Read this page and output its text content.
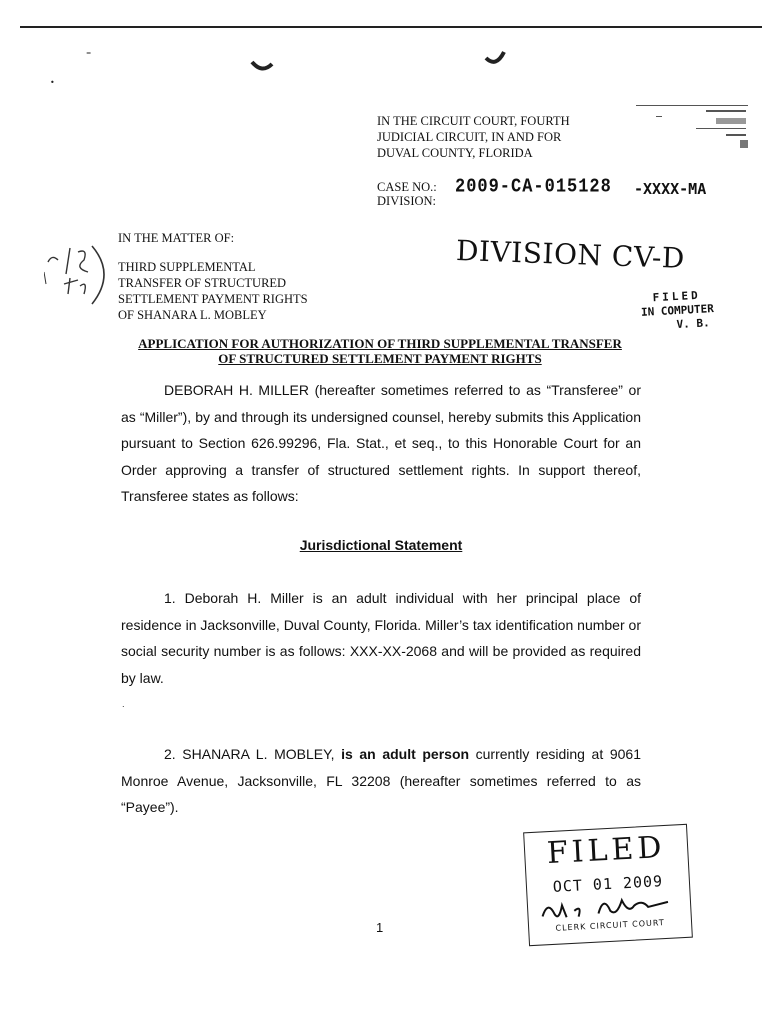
⁼
•
IN THE CIRCUIT COURT, FOURTH
JUDICIAL CIRCUIT, IN AND FOR
DUVAL COUNTY, FLORIDA
CASE NO.:
DIVISION:
2009-CA-015128 -XXXX-MA
IN THE MATTER OF:
THIRD SUPPLEMENTAL
TRANSFER OF STRUCTURED
SETTLEMENT PAYMENT RIGHTS
OF SHANARA L. MOBLEY
DIVISION CV-D
FILED
IN COMPUTER
V. B.
APPLICATION FOR AUTHORIZATION OF THIRD SUPPLEMENTAL TRANSFER
OF STRUCTURED SETTLEMENT PAYMENT RIGHTS
DEBORAH H. MILLER (hereafter sometimes referred to as “Transferee” or as “Miller”), by and through its undersigned counsel, hereby submits this Application pursuant to Section 626.99296, Fla. Stat., et seq., to this Honorable Court for an Order approving a transfer of structured settlement rights. In support thereof, Transferee states as follows:
Jurisdictional Statement
1. Deborah H. Miller is an adult individual with her principal place of residence in Jacksonville, Duval County, Florida. Miller’s tax identification number or social security number is as follows: XXX-XX-2068 and will be provided as required by law.
.
2. SHANARA L. MOBLEY, is an adult person currently residing at 9061 Monroe Avenue, Jacksonville, FL 32208 (hereafter sometimes referred to as “Payee”).
1
FILED
OCT 01 2009
CLERK CIRCUIT COURT
